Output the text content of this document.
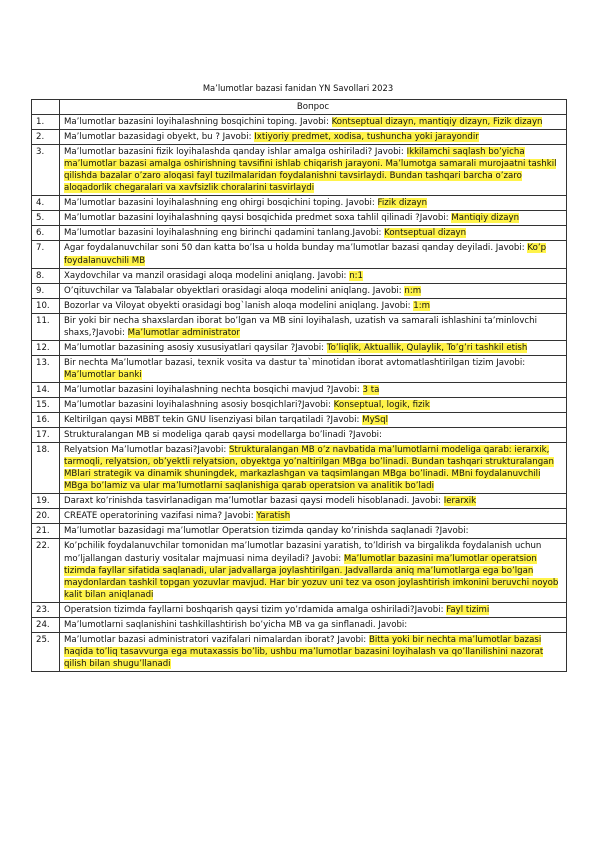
Ma’lumotlar bazasi fanidan YN Savollari 2023
	Вопрос
1.	Ma’lumotlar bazasini loyihalashning bosqichini toping. Javobi: Kontseptual dizayn, mantiqiy dizayn, Fizik dizayn
2.	Ma’lumotlar bazasidagi obyekt, bu ? Javobi: Ixtiyoriy predmet, xodisa, tushuncha yoki jarayondir
3.	Ma’lumotlar bazasini fizik loyihalashda qanday ishlar amalga oshiriladi? Javobi: Ikkilamchi saqlash bo’yicha ma’lumotlar bazasi amalga oshirishning tavsifini ishlab chiqarish jarayoni. Ma’lumotga samarali murojaatni tashkil qilishda bazalar o’zaro aloqasi fayl tuzilmalaridan foydalanishni tavsirlaydi. Bundan tashqari barcha o’zaro aloqadorlik chegaralari va xavfsizlik choralarini tasvirlaydi
4.	Ma’lumotlar bazasini loyihalashning eng ohirgi bosqichini toping. Javobi: Fizik dizayn
5.	Ma’lumotlar bazasini loyihalashning qaysi bosqichida predmet soxa tahlil qilinadi ?Javobi: Mantiqiy dizayn
6.	Ma’lumotlar bazasini loyihalashning eng birinchi qadamini tanlang.Javobi: Kontseptual dizayn
7.	Agar foydalanuvchilar soni 50 dan katta bo’lsa u holda bunday ma’lumotlar bazasi qanday deyiladi. Javobi: Ko’p foydalanuvchili MB
8.	Xaydovchilar va manzil orasidagi aloqa modelini aniqlang. Javobi: n:1
9.	O’qituvchilar va Talabalar obyektlari orasidagi aloqa modelini aniqlang. Javobi: n:m
10.	Bozorlar va Viloyat obyekti orasidagi bog`lanish aloqa modelini aniqlang. Javobi: 1:m
11.	Bir yoki bir necha shaxslardan iborat bo’lgan va MB sini loyihalash, uzatish va samarali ishlashini ta’minlovchi shaxs,?Javobi: Ma’lumotlar administrator
12.	Ma’lumotlar bazasining asosiy xususiyatlari qaysilar ?Javobi: To’liqlik, Aktuallik, Qulaylik, To’g’ri tashkil etish
13.	Bir nechta Ma’lumotlar bazasi, texnik vosita va dastur ta`minotidan iborat avtomatlashtirilgan tizim Javobi: Ma’lumotlar banki
14.	Ma’lumotlar bazasini loyihalashning nechta bosqichi mavjud ?Javobi: 3 ta
15.	Ma’lumotlar bazasini loyihalashning asosiy bosqichlari?Javobi: Konseptual, logik, fizik
16.	Keltirilgan qaysi MBBT tekin GNU lisenziyasi bilan tarqatiladi ?Javobi: MySql
17.	Strukturalangan MB si modeliga qarab qaysi modellarga bo’linadi ?Javobi:
18.	Relyatsion Ma’lumotlar bazasi?Javobi: Strukturalangan MB o’z navbatida ma’lumotlarni modeliga qarab: ierarxik, tarmoqli, relyatsion, ob’yektli relyatsion, obyektga yo’naltirilgan MBga bo’linadi. Bundan tashqari strukturalangan MBlari strategik va dinamik shuningdek, markazlashgan va taqsimlangan MBga bo’linadi. MBni foydalanuvchili MBga bo’lamiz va ular ma’lumotlarni saqlanishiga qarab operatsion va analitik bo’ladi
19.	Daraxt ko’rinishda tasvirlanadigan ma’lumotlar bazasi qaysi modeli hisoblanadi. Javobi: Ierarxik
20.	CREATE operatorining vazifasi nima? Javobi: Yaratish
21.	Ma’lumotlar bazasidagi ma’lumotlar Operatsion tizimda qanday ko’rinishda saqlanadi ?Javobi:
22.	Ko’pchilik foydalanuvchilar tomonidan ma’lumotlar bazasini yaratish, to’ldirish va birgalikda foydalanish uchun mo’ljallangan dasturiy vositalar majmuasi nima deyiladi? Javobi: Ma’lumotlar bazasini ma’lumotlar operatsion tizimda fayllar sifatida saqlanadi, ular jadvallarga joylashtirilgan. Jadvallarda aniq ma’lumotlarga ega bo’lgan maydonlardan tashkil topgan yozuvlar mavjud. Har bir yozuv uni tez va oson joylashtirish imkonini beruvchi noyob kalit bilan aniqlanadi
23.	Operatsion tizimda fayllarni boshqarish qaysi tizim yo’rdamida amalga oshiriladi?Javobi: Fayl tizimi
24.	Ma’lumotlarni saqlanishini tashkillashtirish bo’yicha MB va ga sinflanadi. Javobi:
25.	Ma’lumotlar bazasi administratori vazifalari nimalardan iborat? Javobi: Bitta yoki bir nechta ma’lumotlar bazasi haqida to’liq tasavvurga ega mutaxassis bo’lib, ushbu ma’lumotlar bazasini loyihalash va qo’llanilishini nazorat qilish bilan shugu’llanadi
